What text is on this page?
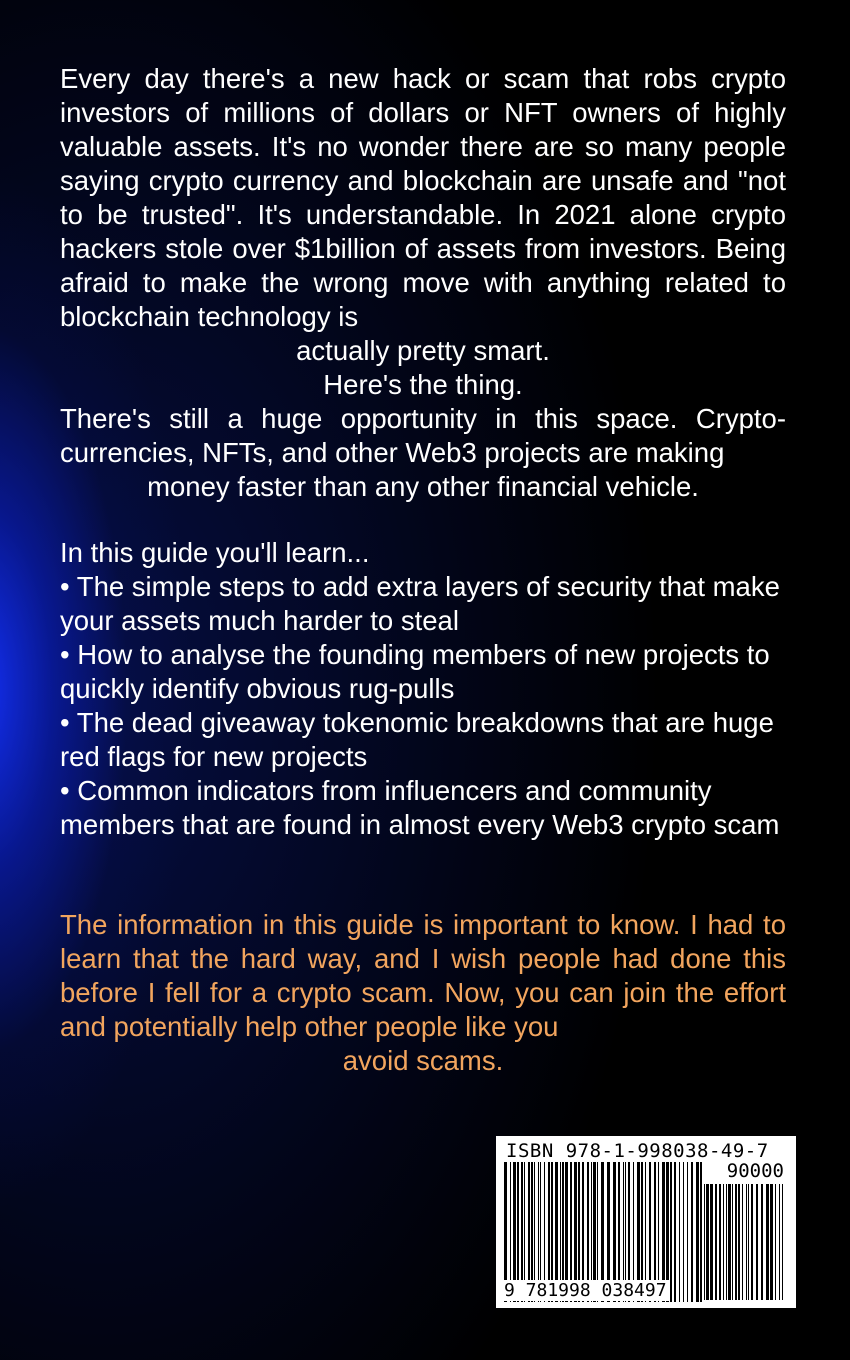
Every day there's a new hack or scam that robs crypto investors of millions of dollars or NFT owners of highly valuable assets. It's no wonder there are so many people saying crypto currency and blockchain are unsafe and "not to be trusted". It's understandable. In 2021 alone crypto hackers stole over $1billion of assets from investors. Being afraid to make the wrong move with anything related to blockchain technology is

actually pretty smart.

Here's the thing.

There's still a huge opportunity in this space. Crypto-currencies, NFTs, and other Web3 projects are making

money faster than any other financial vehicle.

In this guide you'll learn...

• The simple steps to add extra layers of security that make your assets much harder to steal

• How to analyse the founding members of new projects to quickly identify obvious rug-pulls

• The dead giveaway tokenomic breakdowns that are huge red flags for new projects

• Common indicators from influencers and community members that are found in almost every Web3 crypto scam

The information in this guide is important to know. I had to learn that the hard way, and I wish people had done this before I fell for a crypto scam. Now, you can join the effort and potentially help other people like you

avoid scams.

ISBN 978-1-998038-49-7
90000
9 781998 038497
